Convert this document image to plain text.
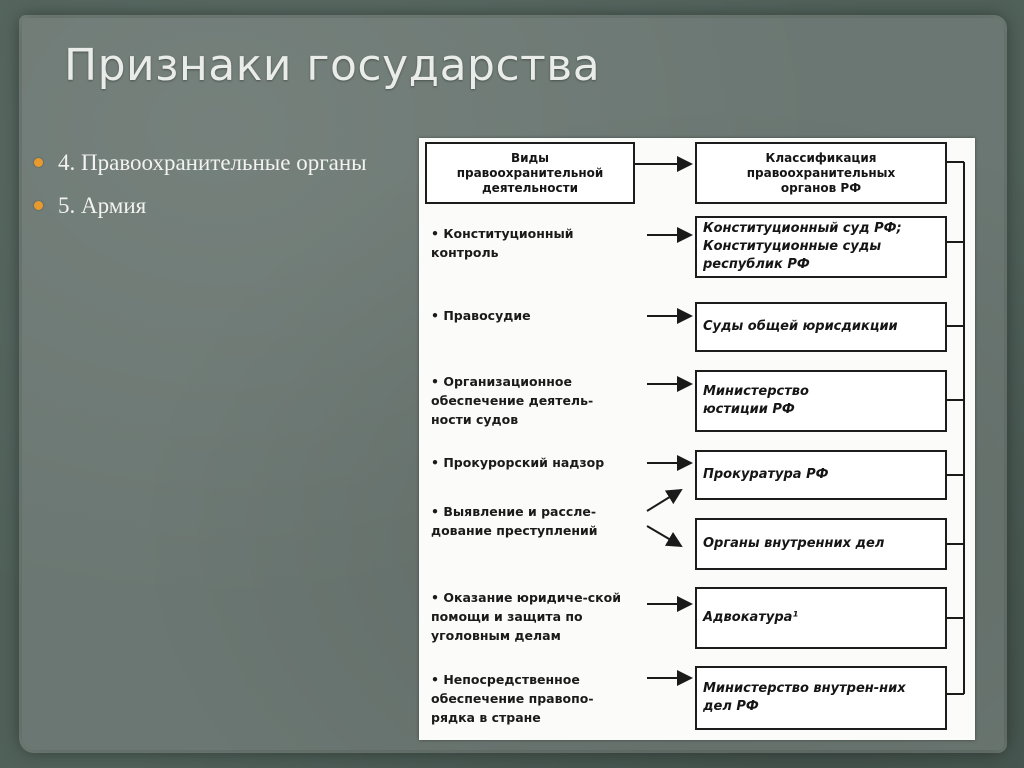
Признаки государства
4. Правоохранительные органы
5. Армия
Виды правоохранительной деятельности
Классификация правоохранительных органов РФ
• Конституционный контроль
• Правосудие
• Организационное обеспечение деятель-ности судов
• Прокурорский надзор
• Выявление и рассле-дование преступлений
• Оказание юридиче-ской помощи и защита по уголовным делам
• Непосредственное обеспечение правопо-рядка в стране
Конституционный суд РФ; Конституционные суды республик РФ
Суды общей юрисдикции
Министерство юстиции РФ
Прокуратура РФ
Органы внутренних дел
Адвокатура¹
Министерство внутрен-них дел РФ
